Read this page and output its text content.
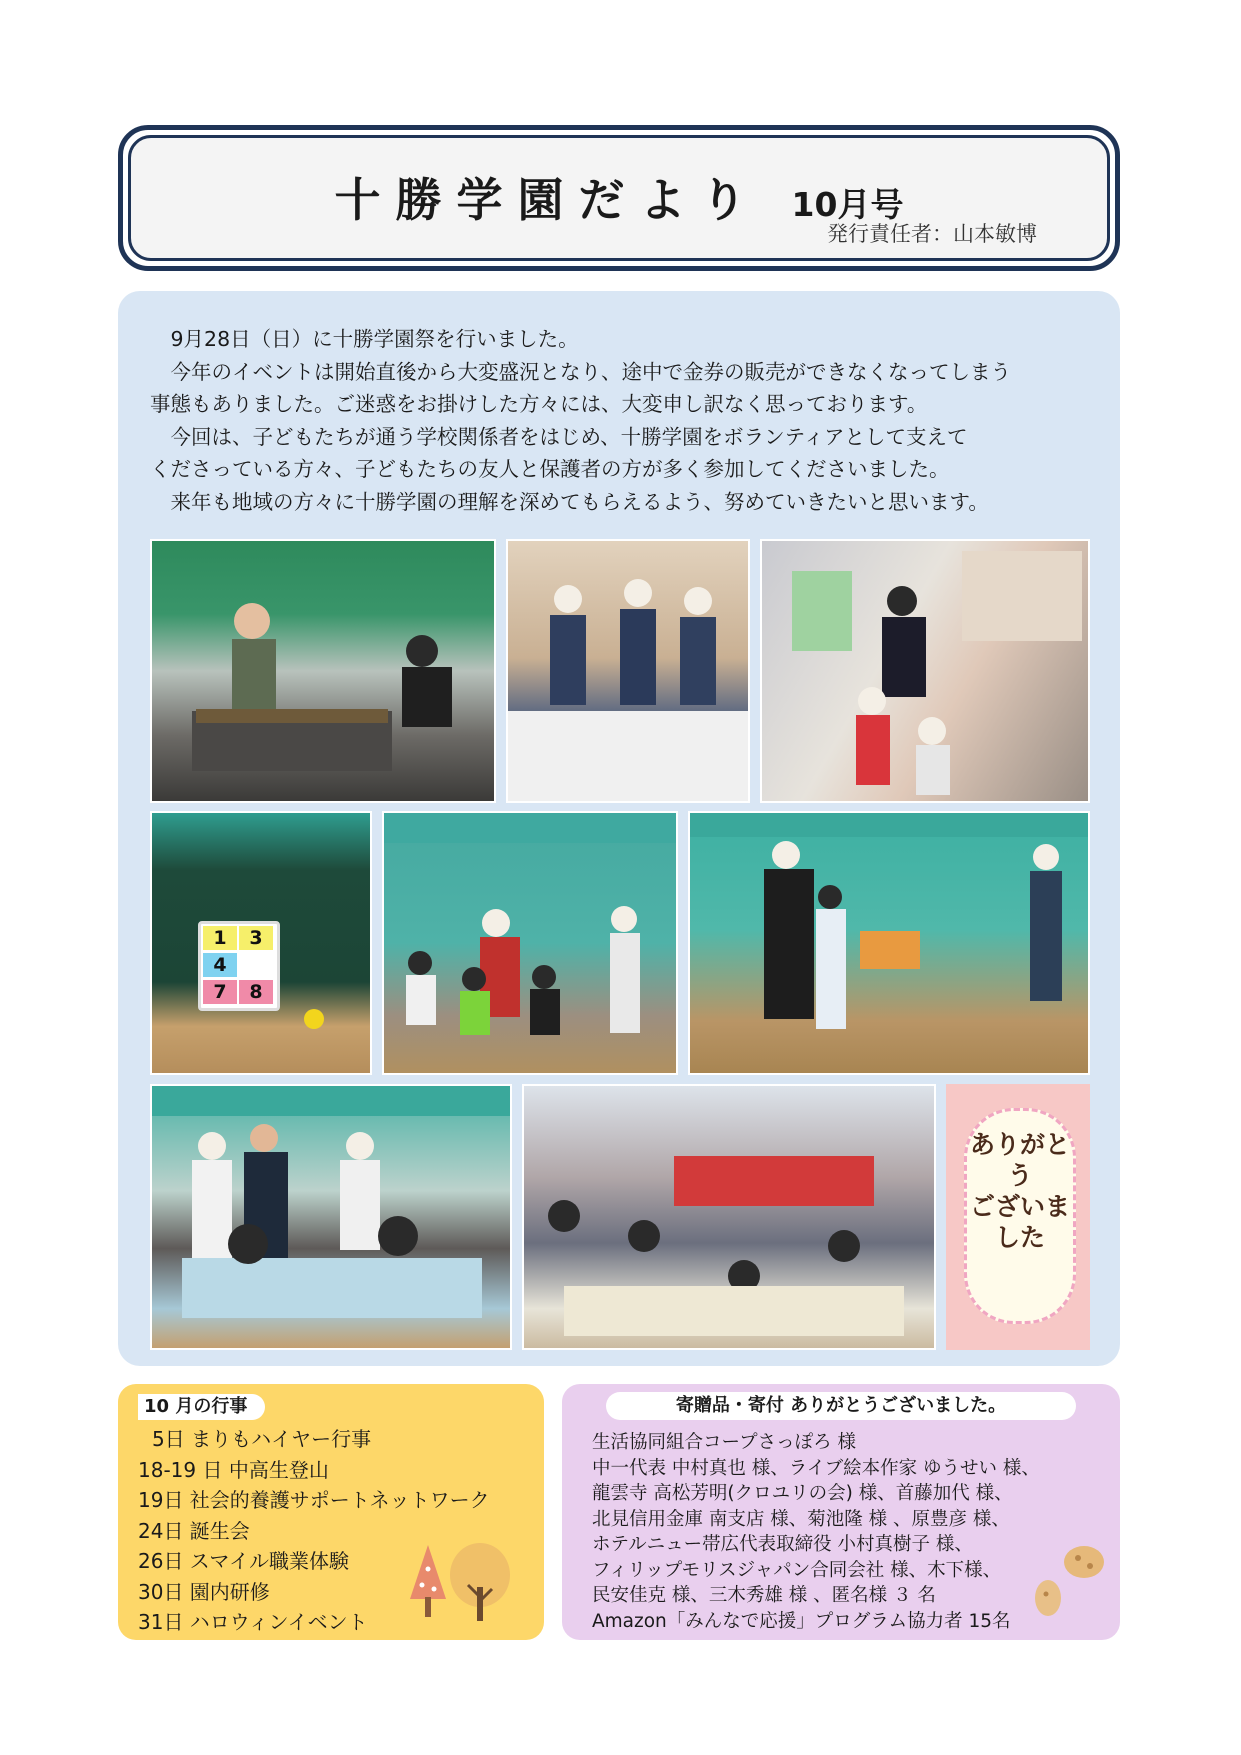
十勝学園だより 10月号
発行責任者：山本敏博

9月28日（日）に十勝学園祭を行いました。

今年のイベントは開始直後から大変盛況となり、途中で金券の販売ができなくなってしまう

事態もありました。ご迷惑をお掛けした方々には、大変申し訳なく思っております。

今回は、子どもたちが通う学校関係者をはじめ、十勝学園をボランティアとして支えて

くださっている方々、子どもたちの友人と保護者の方が多く参加してくださいました。

来年も地域の方々に十勝学園の理解を深めてもらえるよう、努めていきたいと思います。

1	3
4
7	8
ありがとう
ございました
10 月の行事
5日 まりもハイヤー行事
18-19 日 中高生登山
19日 社会的養護サポートネットワーク
24日 誕生会
26日 スマイル職業体験
30日 園内研修
31日 ハロウィンイベント
寄贈品・寄付 ありがとうございました。
生活協同組合コープさっぽろ 様
中一代表 中村真也 様、ライブ絵本作家 ゆうせい 様、
龍雲寺 高松芳明(クロユリの会) 様、首藤加代 様、
北見信用金庫 南支店 様、菊池隆 様 、原豊彦 様、
ホテルニュー帯広代表取締役 小村真樹子 様、
フィリップモリスジャパン合同会社 様、木下様、
民安佳克 様、三木秀雄 様 、匿名様 ３ 名
Amazon「みんなで応援」プログラム協力者 15名
